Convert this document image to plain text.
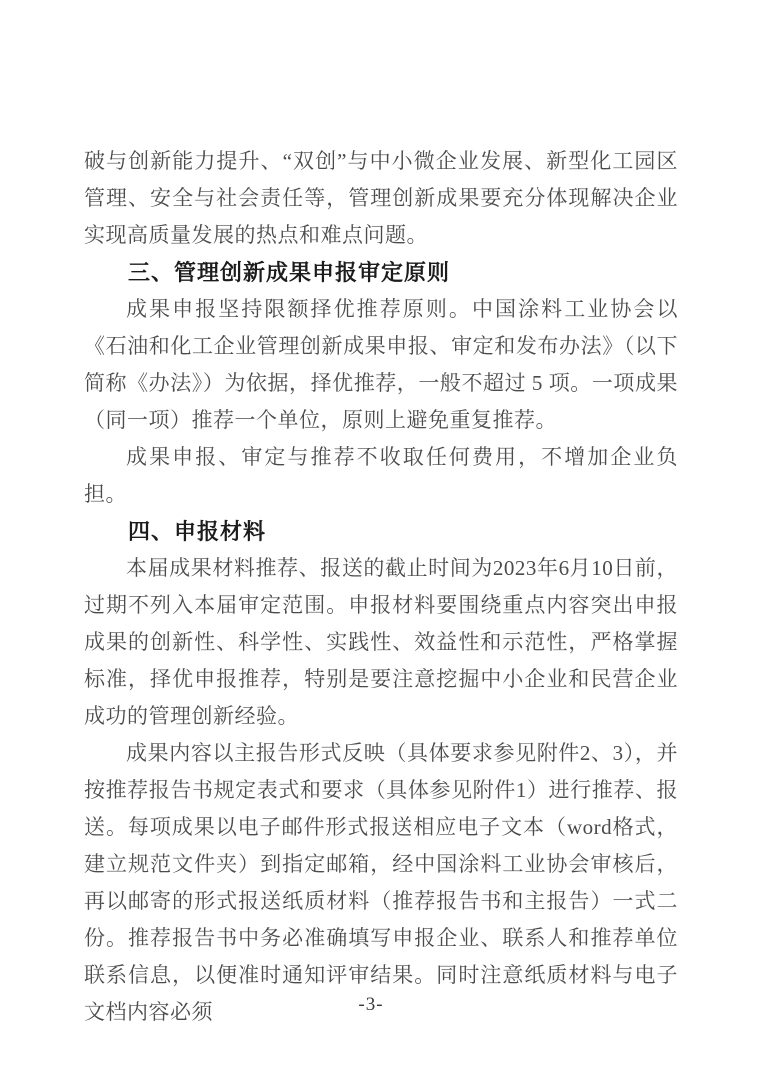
破与创新能力提升、“双创”与中小微企业发展、新型化工园区管理、安全与社会责任等，管理创新成果要充分体现解决企业实现高质量发展的热点和难点问题。

三、管理创新成果申报审定原则

成果申报坚持限额择优推荐原则。中国涂料工业协会以《石油和化工企业管理创新成果申报、审定和发布办法》（以下简称《办法》）为依据，择优推荐，一般不超过 5 项。一项成果（同一项）推荐一个单位，原则上避免重复推荐。

成果申报、审定与推荐不收取任何费用，不增加企业负担。

四、申报材料

本届成果材料推荐、报送的截止时间为2023年6月10日前，过期不列入本届审定范围。申报材料要围绕重点内容突出申报成果的创新性、科学性、实践性、效益性和示范性，严格掌握标准，择优申报推荐，特别是要注意挖掘中小企业和民营企业成功的管理创新经验。

成果内容以主报告形式反映（具体要求参见附件2、3），并按推荐报告书规定表式和要求（具体参见附件1）进行推荐、报送。每项成果以电子邮件形式报送相应电子文本（word格式，建立规范文件夹）到指定邮箱，经中国涂料工业协会审核后，再以邮寄的形式报送纸质材料（推荐报告书和主报告）一式二份。推荐报告书中务必准确填写申报企业、联系人和推荐单位联系信息，以便准时通知评审结果。同时注意纸质材料与电子文档内容必须	-3-
